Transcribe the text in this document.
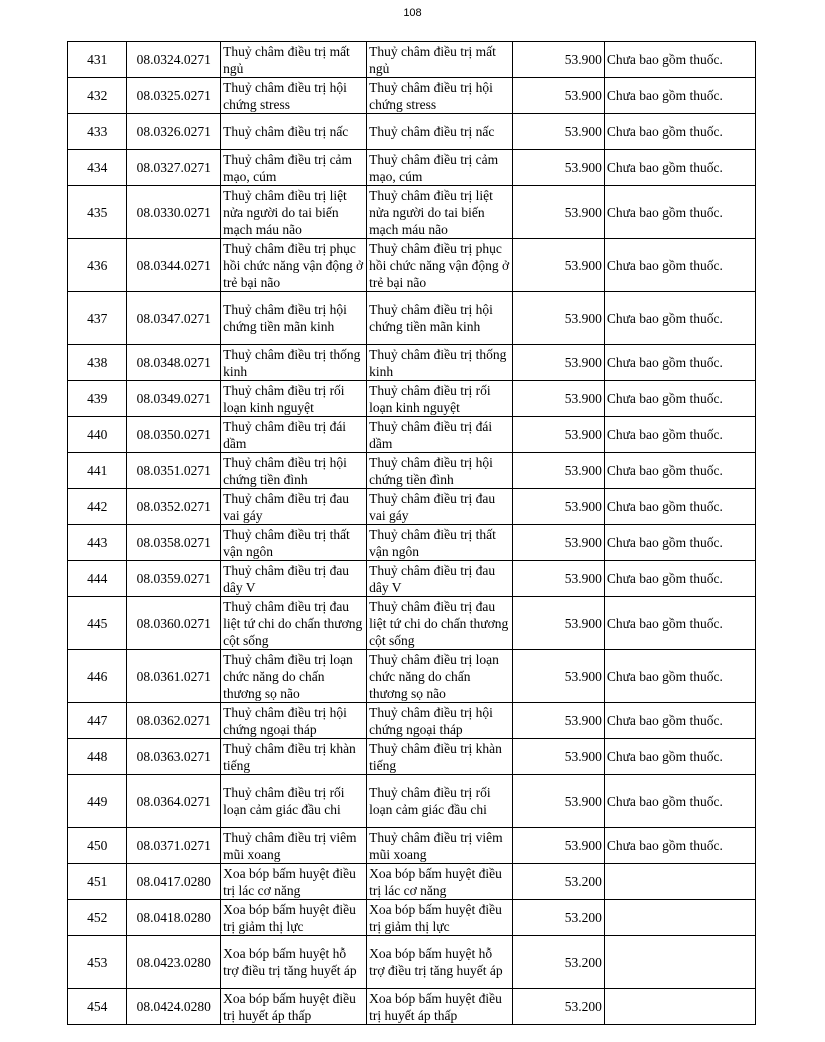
108
431	08.0324.0271	Thuỷ châm điều trị mất ngủ	Thuỷ châm điều trị mất ngủ	53.900	Chưa bao gồm thuốc.
432	08.0325.0271	Thuỷ châm điều trị hội chứng stress	Thuỷ châm điều trị hội chứng stress	53.900	Chưa bao gồm thuốc.
433	08.0326.0271	Thuỷ châm điều trị nấc	Thuỷ châm điều trị nấc	53.900	Chưa bao gồm thuốc.
434	08.0327.0271	Thuỷ châm điều trị cảm mạo, cúm	Thuỷ châm điều trị cảm mạo, cúm	53.900	Chưa bao gồm thuốc.
435	08.0330.0271	Thuỷ châm điều trị liệt nửa người do tai biến mạch máu não	Thuỷ châm điều trị liệt nửa người do tai biến mạch máu não	53.900	Chưa bao gồm thuốc.
436	08.0344.0271	Thuỷ châm điều trị phục hồi chức năng vận động ở trẻ bại não	Thuỷ châm điều trị phục hồi chức năng vận động ở trẻ bại não	53.900	Chưa bao gồm thuốc.
437	08.0347.0271	Thuỷ châm điều trị hội chứng tiền mãn kinh	Thuỷ châm điều trị hội chứng tiền mãn kinh	53.900	Chưa bao gồm thuốc.
438	08.0348.0271	Thuỷ châm điều trị thống kinh	Thuỷ châm điều trị thống kinh	53.900	Chưa bao gồm thuốc.
439	08.0349.0271	Thuỷ châm điều trị rối loạn kinh nguyệt	Thuỷ châm điều trị rối loạn kinh nguyệt	53.900	Chưa bao gồm thuốc.
440	08.0350.0271	Thuỷ châm điều trị đái dầm	Thuỷ châm điều trị đái dầm	53.900	Chưa bao gồm thuốc.
441	08.0351.0271	Thuỷ châm điều trị hội chứng tiền đình	Thuỷ châm điều trị hội chứng tiền đình	53.900	Chưa bao gồm thuốc.
442	08.0352.0271	Thuỷ châm điều trị đau vai gáy	Thuỷ châm điều trị đau vai gáy	53.900	Chưa bao gồm thuốc.
443	08.0358.0271	Thuỷ châm điều trị thất vận ngôn	Thuỷ châm điều trị thất vận ngôn	53.900	Chưa bao gồm thuốc.
444	08.0359.0271	Thuỷ châm điều trị đau dây V	Thuỷ châm điều trị đau dây V	53.900	Chưa bao gồm thuốc.
445	08.0360.0271	Thuỷ châm điều trị đau liệt tứ chi do chấn thương cột sống	Thuỷ châm điều trị đau liệt tứ chi do chấn thương cột sống	53.900	Chưa bao gồm thuốc.
446	08.0361.0271	Thuỷ châm điều trị loạn chức năng do chấn thương sọ não	Thuỷ châm điều trị loạn chức năng do chấn thương sọ não	53.900	Chưa bao gồm thuốc.
447	08.0362.0271	Thuỷ châm điều trị hội chứng ngoại tháp	Thuỷ châm điều trị hội chứng ngoại tháp	53.900	Chưa bao gồm thuốc.
448	08.0363.0271	Thuỷ châm điều trị khàn tiếng	Thuỷ châm điều trị khàn tiếng	53.900	Chưa bao gồm thuốc.
449	08.0364.0271	Thuỷ châm điều trị rối loạn cảm giác đầu chi	Thuỷ châm điều trị rối loạn cảm giác đầu chi	53.900	Chưa bao gồm thuốc.
450	08.0371.0271	Thuỷ châm điều trị viêm mũi xoang	Thuỷ châm điều trị viêm mũi xoang	53.900	Chưa bao gồm thuốc.
451	08.0417.0280	Xoa bóp bấm huyệt điều trị lác cơ năng	Xoa bóp bấm huyệt điều trị lác cơ năng	53.200	
452	08.0418.0280	Xoa bóp bấm huyệt điều trị giảm thị lực	Xoa bóp bấm huyệt điều trị giảm thị lực	53.200	
453	08.0423.0280	Xoa bóp bấm huyệt hỗ trợ điều trị tăng huyết áp	Xoa bóp bấm huyệt hỗ trợ điều trị tăng huyết áp	53.200	
454	08.0424.0280	Xoa bóp bấm huyệt điều trị huyết áp thấp	Xoa bóp bấm huyệt điều trị huyết áp thấp	53.200	
